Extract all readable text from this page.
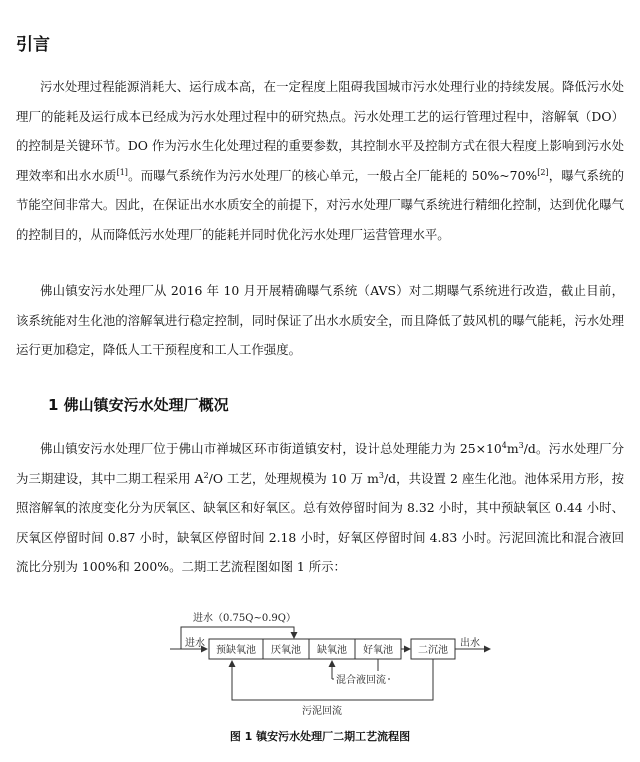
引言

污水处理过程能源消耗大、运行成本高，在一定程度上阻碍我国城市污水处理行业的持续发展。降低污水处理厂的能耗及运行成本已经成为污水处理过程中的研究热点。污水处理工艺的运行管理过程中，溶解氧（DO）的控制是关键环节。DO 作为污水生化处理过程的重要参数，其控制水平及控制方式在很大程度上影响到污水处理效率和出水水质[1]。而曝气系统作为污水处理厂的核心单元，一般占全厂能耗的 50%~70%[2]，曝气系统的节能空间非常大。因此，在保证出水水质安全的前提下，对污水处理厂曝气系统进行精细化控制，达到优化曝气的控制目的，从而降低污水处理厂的能耗并同时优化污水处理厂运营管理水平。

佛山镇安污水处理厂从 2016 年 10 月开展精确曝气系统（AVS）对二期曝气系统进行改造，截止目前，该系统能对生化池的溶解氧进行稳定控制，同时保证了出水水质安全，而且降低了鼓风机的曝气能耗，污水处理运行更加稳定，降低人工干预程度和工人工作强度。

1 佛山镇安污水处理厂概况

佛山镇安污水处理厂位于佛山市禅城区环市街道镇安村，设计总处理能力为 $25\times 10^4m^3/d$。污水处理厂分为三期建设，其中二期工程采用 $A^2/O$ 工艺，处理规模为 10 万 $m^3/d$，共设置 2 座生化池。池体采用方形，按照溶解氧的浓度变化分为厌氧区、缺氧区和好氧区。总有效停留时间为 8.32 小时，其中预缺氧区 0.44 小时、厌氧区停留时间 0.87 小时，缺氧区停留时间 2.18 小时，好氧区停留时间 4.83 小时。污泥回流比和混合液回流比分别为 100%和 200%。二期工艺流程图如图 1 所示：

进水（0.75Q~0.9Q）
进水
预缺氧池 厌氧池 缺氧池 好氧池	二沉池
出水
混合液回流
污泥回流
图 1 镇安污水处理厂二期工艺流程图
